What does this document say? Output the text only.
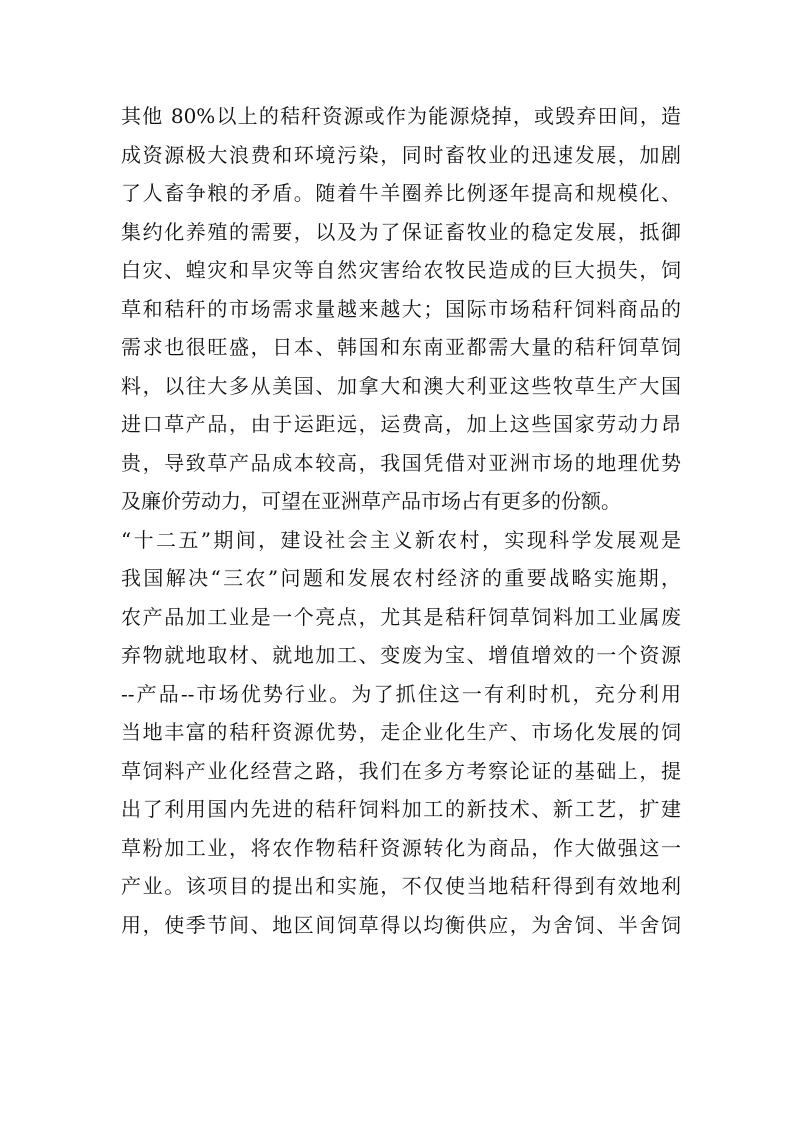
其他 80%以上的秸秆资源或作为能源烧掉，或毁弃田间，造
成资源极大浪费和环境污染，同时畜牧业的迅速发展，加剧
了人畜争粮的矛盾。随着牛羊圈养比例逐年提高和规模化、
集约化养殖的需要，以及为了保证畜牧业的稳定发展，抵御
白灾、蝗灾和旱灾等自然灾害给农牧民造成的巨大损失，饲
草和秸秆的市场需求量越来越大；国际市场秸秆饲料商品的
需求也很旺盛，日本、韩国和东南亚都需大量的秸秆饲草饲
料，以往大多从美国、加拿大和澳大利亚这些牧草生产大国
进口草产品，由于运距远，运费高，加上这些国家劳动力昂
贵，导致草产品成本较高，我国凭借对亚洲市场的地理优势
及廉价劳动力，可望在亚洲草产品市场占有更多的份额。
“十二五”期间，建设社会主义新农村，实现科学发展观是
我国解决“三农”问题和发展农村经济的重要战略实施期，
农产品加工业是一个亮点，尤其是秸秆饲草饲料加工业属废
弃物就地取材、就地加工、变废为宝、增值增效的一个资源
--产品--市场优势行业。为了抓住这一有利时机，充分利用
当地丰富的秸秆资源优势，走企业化生产、市场化发展的饲
草饲料产业化经营之路，我们在多方考察论证的基础上，提
出了利用国内先进的秸秆饲料加工的新技术、新工艺，扩建
草粉加工业，将农作物秸秆资源转化为商品，作大做强这一
产业。该项目的提出和实施，不仅使当地秸秆得到有效地利
用，使季节间、地区间饲草得以均衡供应，为舍饲、半舍饲
